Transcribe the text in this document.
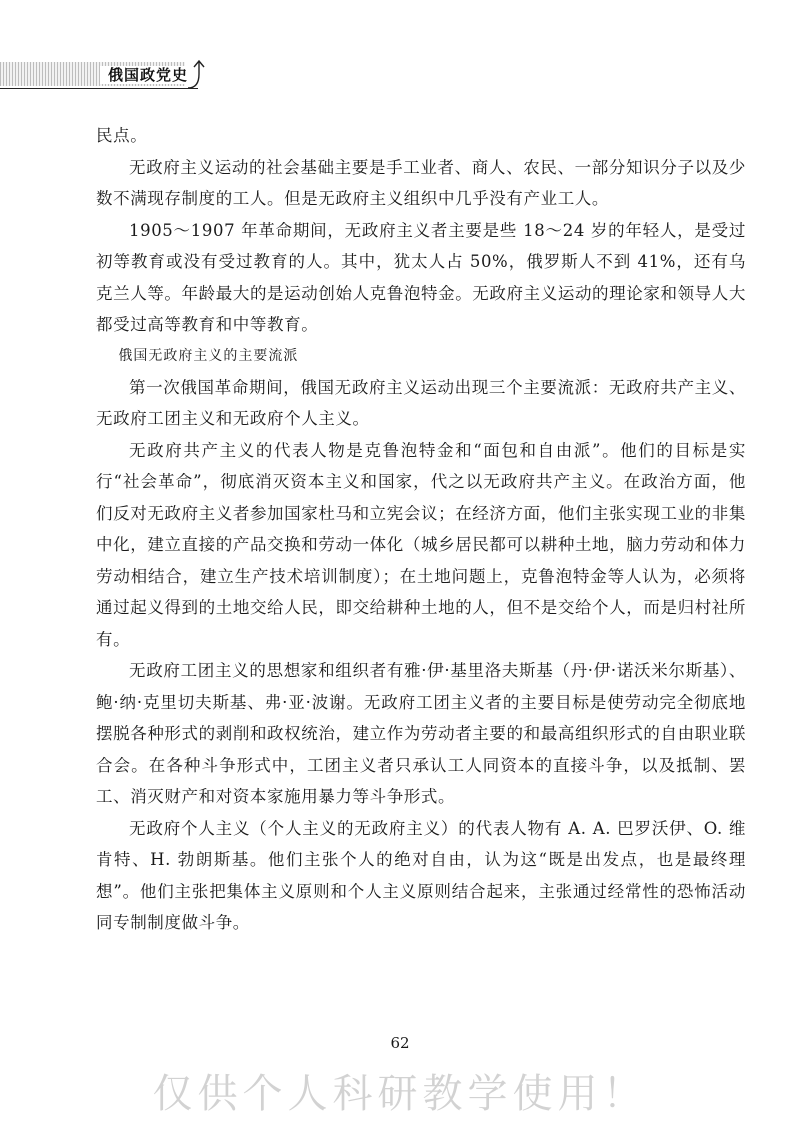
俄国政党史

民点。

无政府主义运动的社会基础主要是手工业者、商人、农民、一部分知识分子以及少数不满现存制度的工人。但是无政府主义组织中几乎没有产业工人。

1905～1907 年革命期间，无政府主义者主要是些 18～24 岁的年轻人，是受过初等教育或没有受过教育的人。其中，犹太人占 50%，俄罗斯人不到 41%，还有乌克兰人等。年龄最大的是运动创始人克鲁泡特金。无政府主义运动的理论家和领导人大都受过高等教育和中等教育。

俄国无政府主义的主要流派

第一次俄国革命期间，俄国无政府主义运动出现三个主要流派：无政府共产主义、无政府工团主义和无政府个人主义。

无政府共产主义的代表人物是克鲁泡特金和“面包和自由派”。他们的目标是实行“社会革命”，彻底消灭资本主义和国家，代之以无政府共产主义。在政治方面，他们反对无政府主义者参加国家杜马和立宪会议；在经济方面，他们主张实现工业的非集中化，建立直接的产品交换和劳动一体化（城乡居民都可以耕种土地，脑力劳动和体力劳动相结合，建立生产技术培训制度）；在土地问题上，克鲁泡特金等人认为，必须将通过起义得到的土地交给人民，即交给耕种土地的人，但不是交给个人，而是归村社所有。

无政府工团主义的思想家和组织者有雅·伊·基里洛夫斯基（丹·伊·诺沃米尔斯基）、鲍·纳·克里切夫斯基、弗·亚·波谢。无政府工团主义者的主要目标是使劳动完全彻底地摆脱各种形式的剥削和政权统治，建立作为劳动者主要的和最高组织形式的自由职业联合会。在各种斗争形式中，工团主义者只承认工人同资本的直接斗争，以及抵制、罢工、消灭财产和对资本家施用暴力等斗争形式。

无政府个人主义（个人主义的无政府主义）的代表人物有 A. A. 巴罗沃伊、O. 维肯特、H. 勃朗斯基。他们主张个人的绝对自由，认为这“既是出发点，也是最终理想”。他们主张把集体主义原则和个人主义原则结合起来，主张通过经常性的恐怖活动同专制制度做斗争。

62
仅供个人科研教学使用！
